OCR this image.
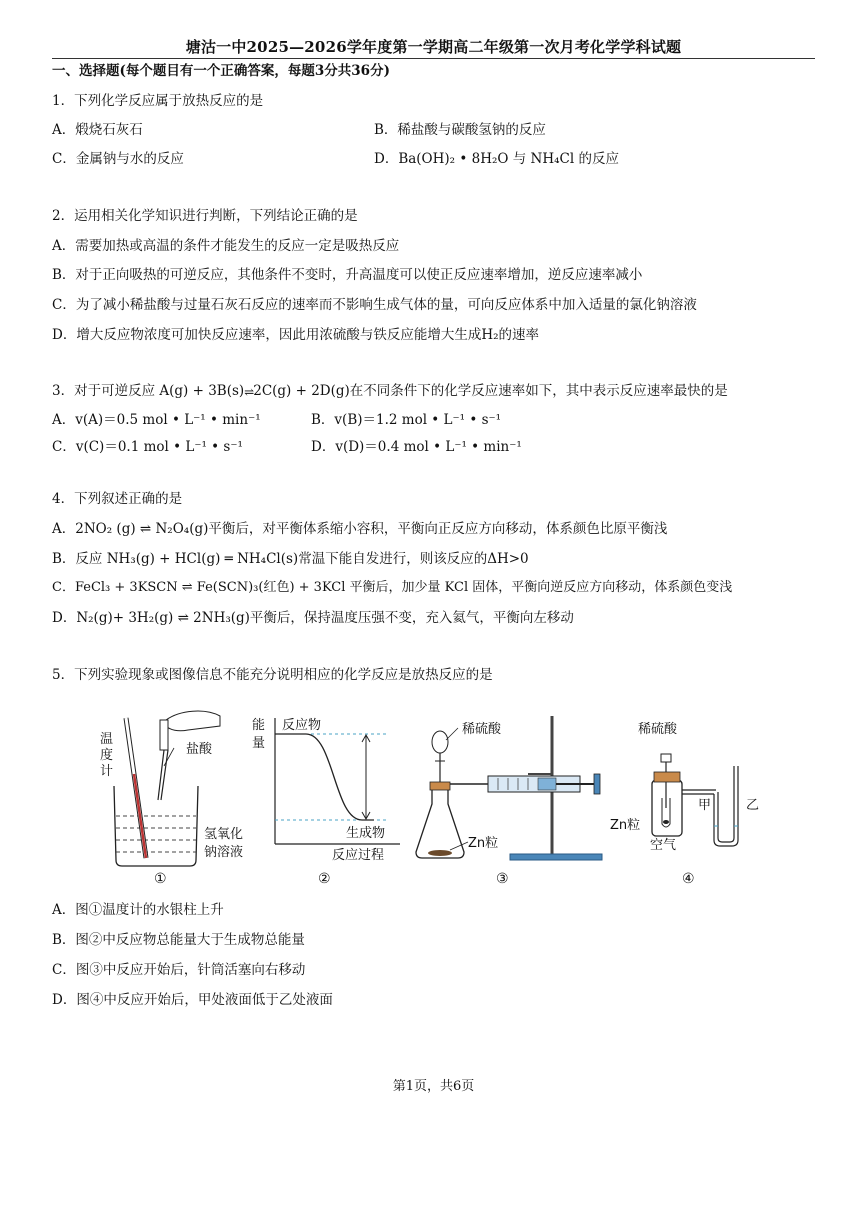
塘沽一中2025—2026学年度第一学期高二年级第一次月考化学学科试题
一、选择题(每个题目有一个正确答案，每题3分共36分)
1．下列化学反应属于放热反应的是
A．煅烧石灰石	B．稀盐酸与碳酸氢钠的反应
C．金属钠与水的反应	D．Ba(OH)₂ • 8H₂O 与 NH₄Cl 的反应
2．运用相关化学知识进行判断，下列结论正确的是
A．需要加热或高温的条件才能发生的反应一定是吸热反应
B．对于正向吸热的可逆反应，其他条件不变时，升高温度可以使正反应速率增加，逆反应速率减小
C．为了减小稀盐酸与过量石灰石反应的速率而不影响生成气体的量，可向反应体系中加入适量的氯化钠溶液
D．增大反应物浓度可加快反应速率，因此用浓硫酸与铁反应能增大生成H₂的速率
3．对于可逆反应 A(g) + 3B(s)⇌2C(g) + 2D(g)在不同条件下的化学反应速率如下，其中表示反应速率最快的是
A．v(A)＝0.5 mol • L⁻¹ • min⁻¹	B．v(B)＝1.2 mol • L⁻¹ • s⁻¹
C．v(C)＝0.1 mol • L⁻¹ • s⁻¹	D．v(D)＝0.4 mol • L⁻¹ • min⁻¹
4．下列叙述正确的是
A．2NO₂ (g) ⇌ N₂O₄(g)平衡后，对平衡体系缩小容积，平衡向正反应方向移动，体系颜色比原平衡浅
B．反应 NH₃(g) + HCl(g) ═ NH₄Cl(s)常温下能自发进行，则该反应的ΔH>0
C．FeCl₃ + 3KSCN ⇌ Fe(SCN)₃(红色) + 3KCl 平衡后，加少量 KCl 固体，平衡向逆反应方向移动，体系颜色变浅
D．N₂(g)+ 3H₂(g) ⇌ 2NH₃(g)平衡后，保持温度压强不变，充入氦气，平衡向左移动
5．下列实验现象或图像信息不能充分说明相应的化学反应是放热反应的是
温
度
计
盐酸
氢氧化
钠溶液
①
能
量
反应物
生成物
反应过程
②
稀硫酸
Zn粒
③
稀硫酸
Zn粒
空气
甲	乙
④
A．图①温度计的水银柱上升
B．图②中反应物总能量大于生成物总能量
C．图③中反应开始后，针筒活塞向右移动
D．图④中反应开始后，甲处液面低于乙处液面
第1页，共6页
